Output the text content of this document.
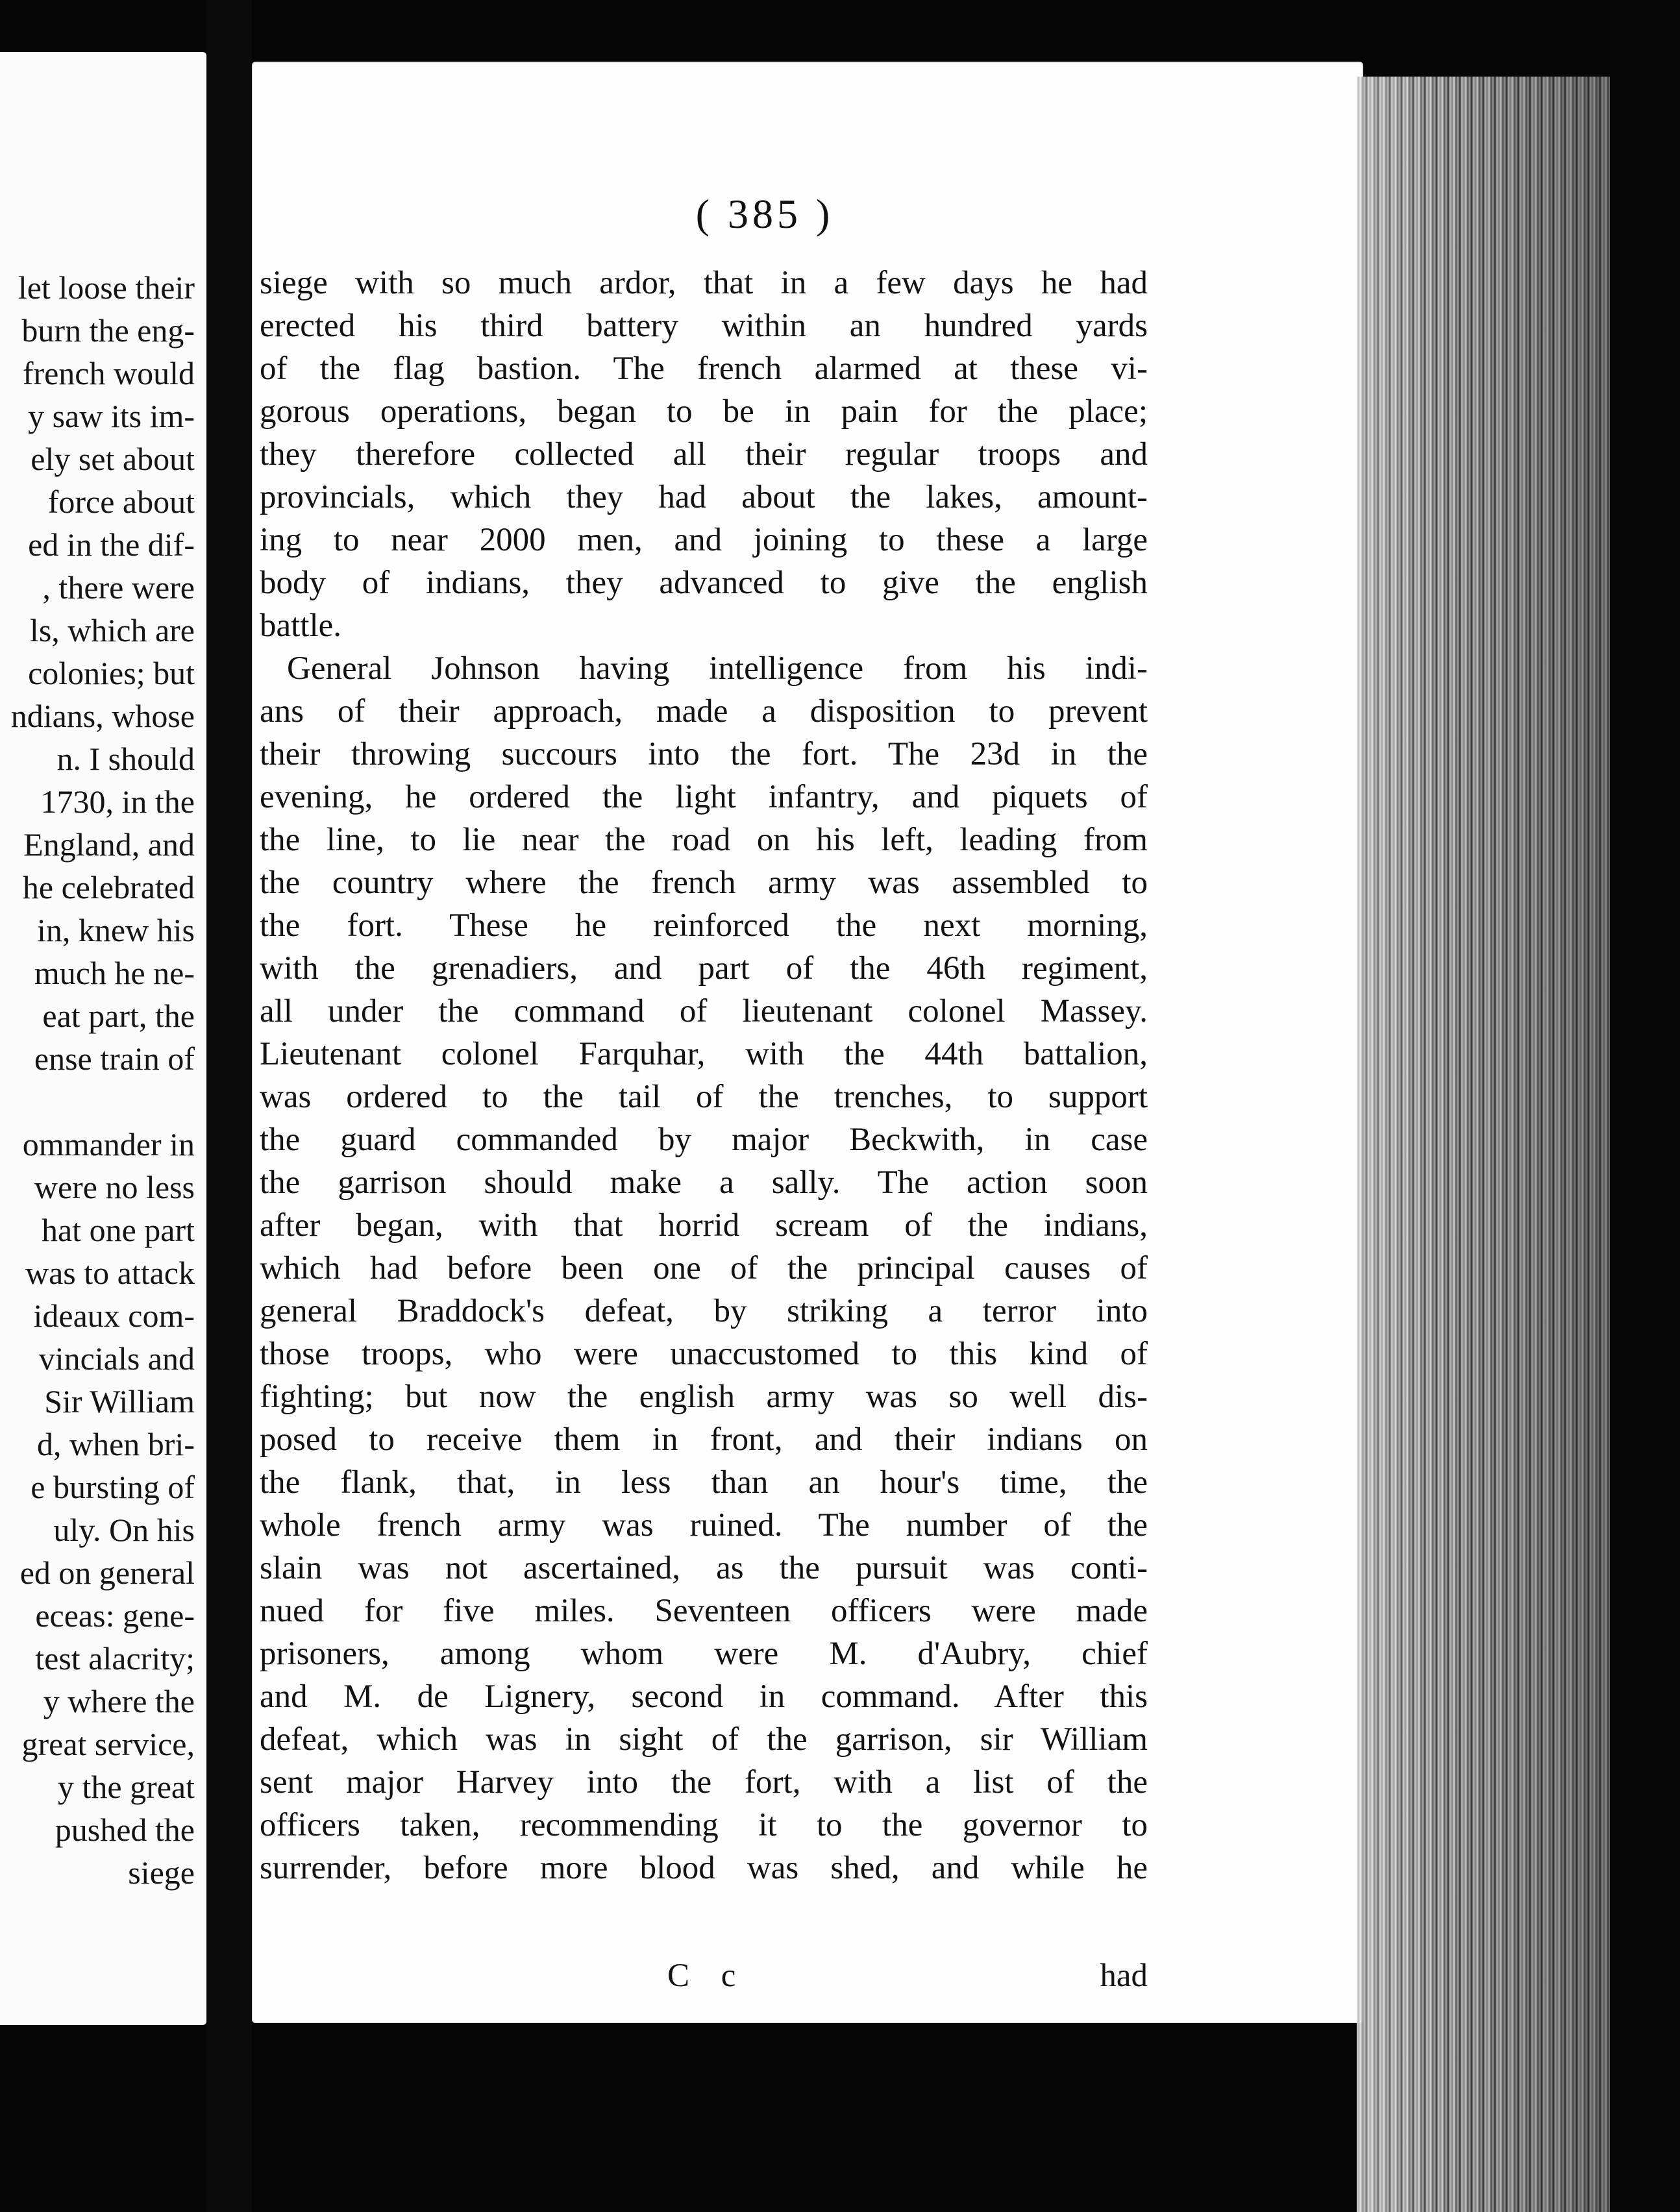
let loose their
burn the eng-
french would
y saw its im-
ely set about
force about
ed in the dif-
, there were
ls, which are
colonies; but
ndians, whose
n. I should
1730, in the
England, and
he celebrated
in, knew his
much he ne-
eat part, the
ense train of
ommander in
were no less
hat one part
was to attack
ideaux com-
vincials and
Sir William
d, when bri-
e bursting of
uly. On his
ed on general
eceas: gene-
test alacrity;
y where the
great service,
y the great
pushed the
siege
( 385 )
siege with so much ardor, that in a few days he had
erected his third battery within an hundred yards
of the flag bastion. The french alarmed at these vi-
gorous operations, began to be in pain for the place;
they therefore collected all their regular troops and
provincials, which they had about the lakes, amount-
ing to near 2000 men, and joining to these a large
body of indians, they advanced to give the english
battle.
General Johnson having intelligence from his indi-
ans of their approach, made a disposition to prevent
their throwing succours into the fort. The 23d in the
evening, he ordered the light infantry, and piquets of
the line, to lie near the road on his left, leading from
the country where the french army was assembled to
the fort. These he reinforced the next morning,
with the grenadiers, and part of the 46th regiment,
all under the command of lieutenant colonel Massey.
Lieutenant colonel Farquhar, with the 44th battalion,
was ordered to the tail of the trenches, to support
the guard commanded by major Beckwith, in case
the garrison should make a sally. The action soon
after began, with that horrid scream of the indians,
which had before been one of the principal causes of
general Braddock's defeat, by striking a terror into
those troops, who were unaccustomed to this kind of
fighting; but now the english army was so well dis-
posed to receive them in front, and their indians on
the flank, that, in less than an hour's time, the
whole french army was ruined. The number of the
slain was not ascertained, as the pursuit was conti-
nued for five miles. Seventeen officers were made
prisoners, among whom were M. d'Aubry, chief
and M. de Lignery, second in command. After this
defeat, which was in sight of the garrison, sir William
sent major Harvey into the fort, with a list of the
officers taken, recommending it to the governor to
surrender, before more blood was shed, and while he
C c	had
